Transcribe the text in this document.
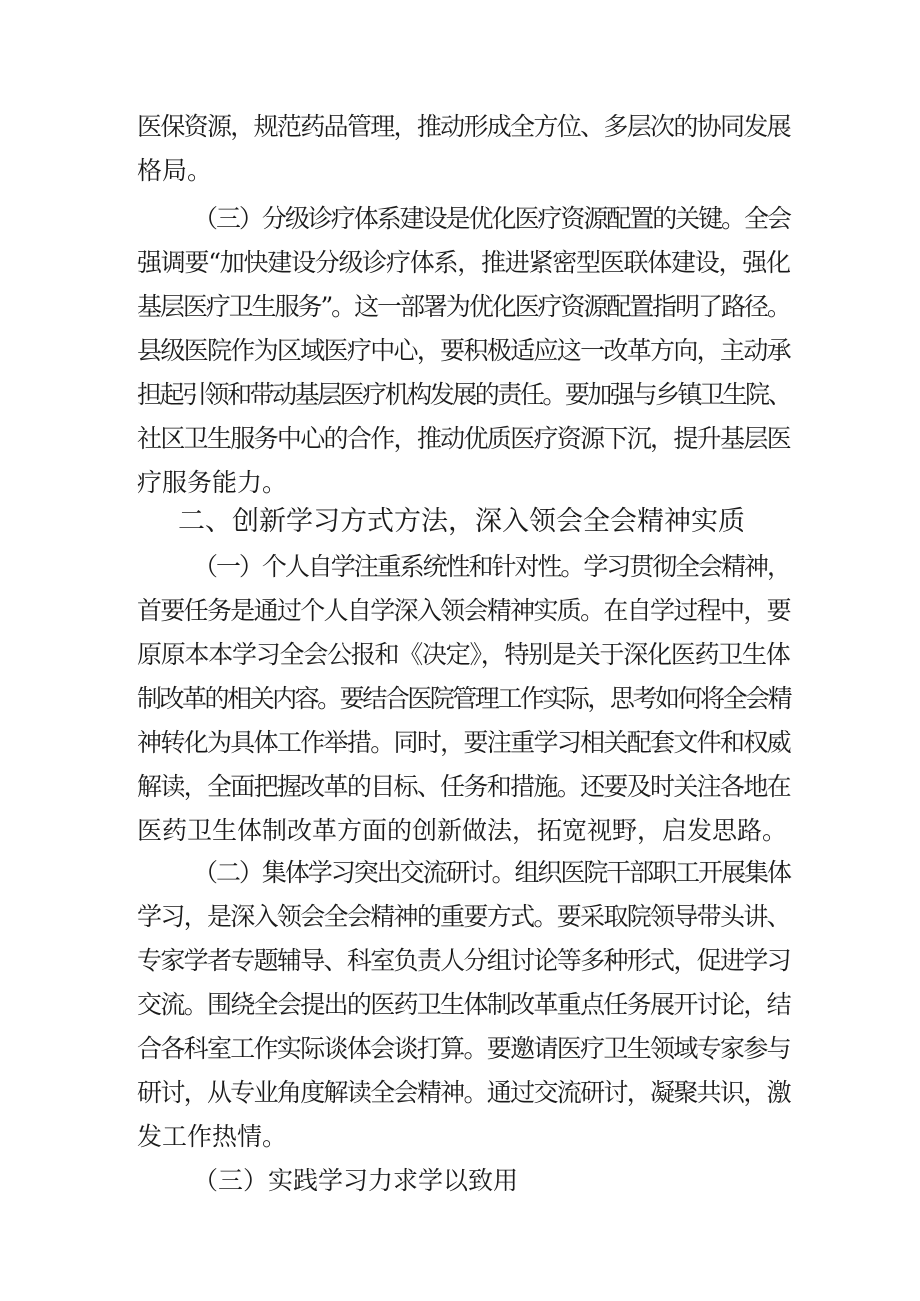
医保资源，规范药品管理，推动形成全方位、多层次的协同发展
格局。
（三）分级诊疗体系建设是优化医疗资源配置的关键。全会
强调要“加快建设分级诊疗体系，推进紧密型医联体建设，强化
基层医疗卫生服务”。这一部署为优化医疗资源配置指明了路径。
县级医院作为区域医疗中心，要积极适应这一改革方向，主动承
担起引领和带动基层医疗机构发展的责任。要加强与乡镇卫生院、
社区卫生服务中心的合作，推动优质医疗资源下沉，提升基层医
疗服务能力。
二、创新学习方式方法，深入领会全会精神实质
（一）个人自学注重系统性和针对性。学习贯彻全会精神，
首要任务是通过个人自学深入领会精神实质。在自学过程中，要
原原本本学习全会公报和《决定》，特别是关于深化医药卫生体
制改革的相关内容。要结合医院管理工作实际，思考如何将全会精
神转化为具体工作举措。同时，要注重学习相关配套文件和权威
解读，全面把握改革的目标、任务和措施。还要及时关注各地在
医药卫生体制改革方面的创新做法，拓宽视野，启发思路。
（二）集体学习突出交流研讨。组织医院干部职工开展集体
学习，是深入领会全会精神的重要方式。要采取院领导带头讲、
专家学者专题辅导、科室负责人分组讨论等多种形式，促进学习
交流。围绕全会提出的医药卫生体制改革重点任务展开讨论，结
合各科室工作实际谈体会谈打算。要邀请医疗卫生领域专家参与
研讨，从专业角度解读全会精神。通过交流研讨，凝聚共识，激
发工作热情。
（三）实践学习力求学以致用
